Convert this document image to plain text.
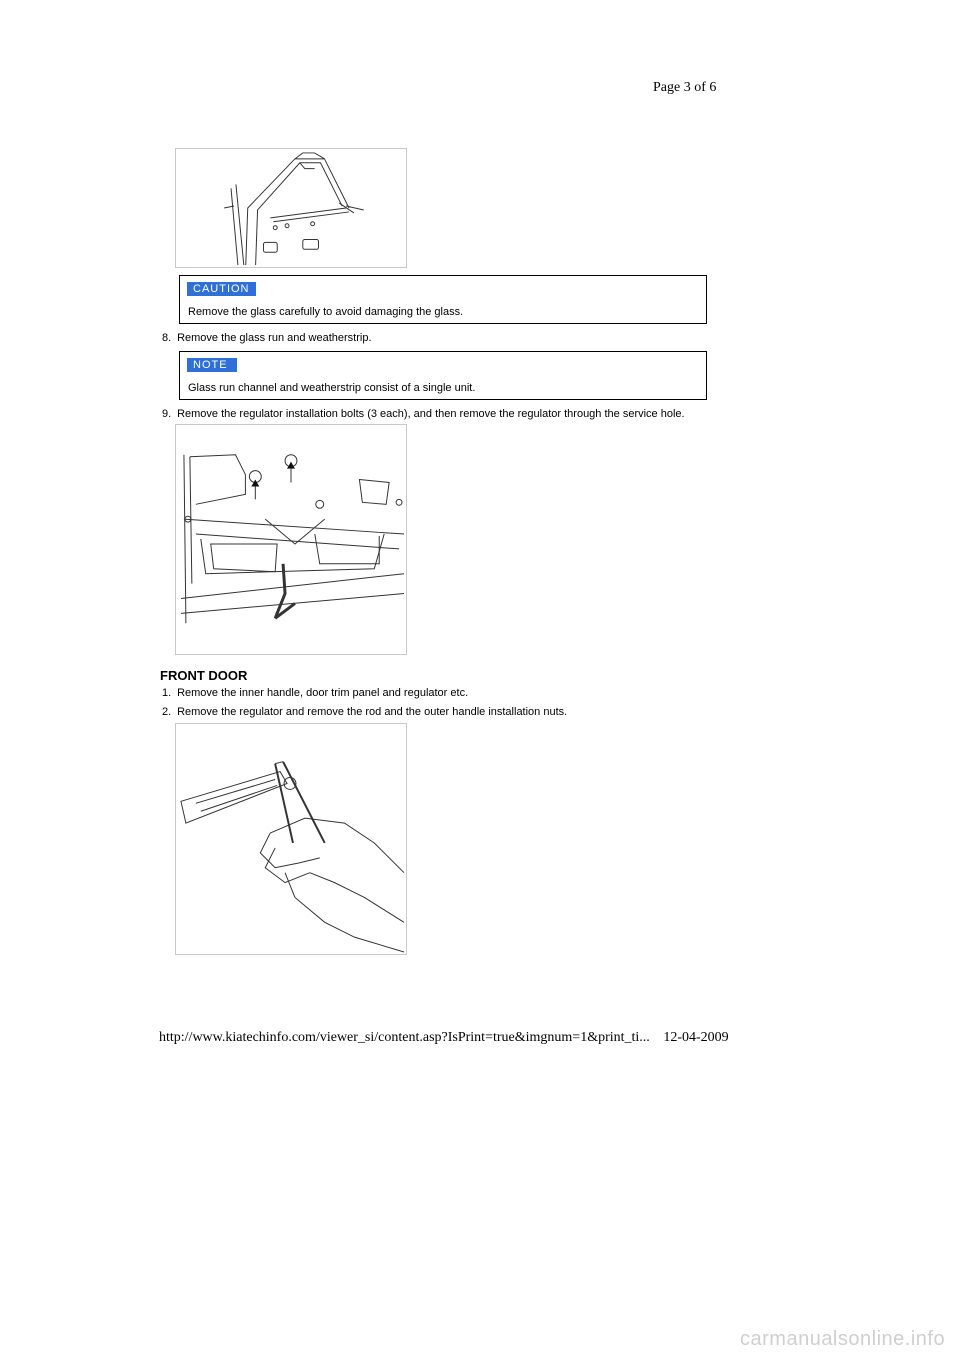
Page 3 of 6
CAUTION
Remove the glass carefully to avoid damaging the glass.
8. Remove the glass run and weatherstrip.
NOTE
Glass run channel and weatherstrip consist of a single unit.
9. Remove the regulator installation bolts (3 each), and then remove the regulator through the service hole.
FRONT DOOR
1. Remove the inner handle, door trim panel and regulator etc.
2. Remove the regulator and remove the rod and the outer handle installation nuts.
http://www.kiatechinfo.com/viewer_si/content.asp?IsPrint=true&imgnum=1&print_ti... 12-04-2009
carmanualsonline.info
